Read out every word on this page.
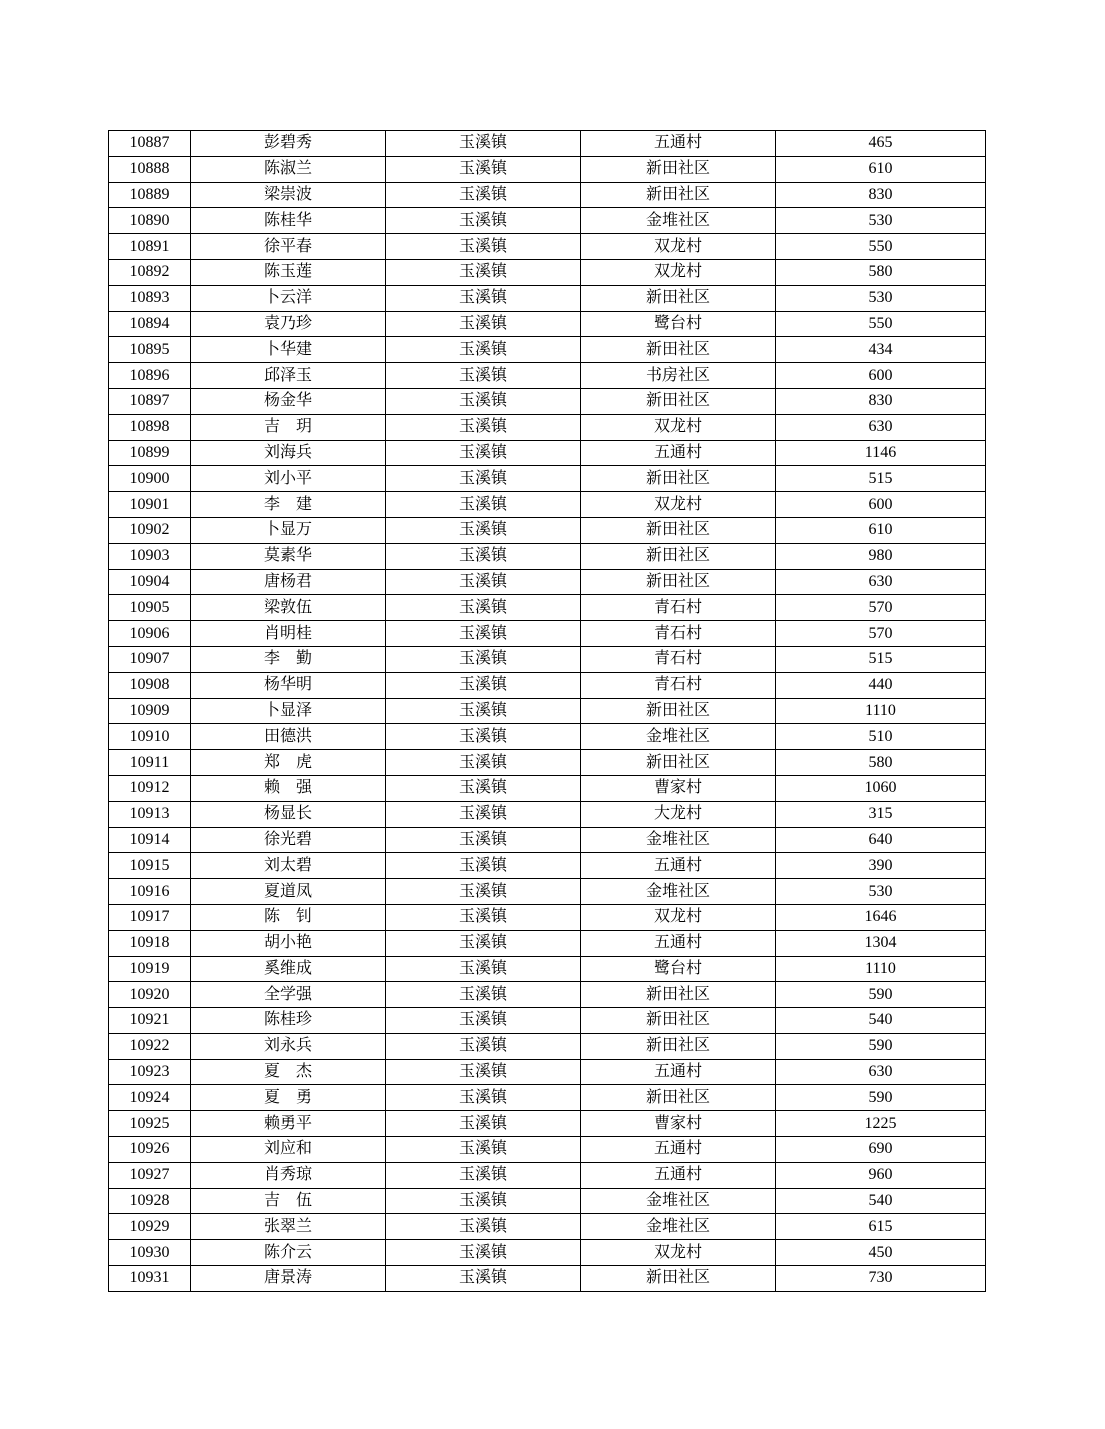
10887	彭碧秀	玉溪镇	五通村	465
10888	陈淑兰	玉溪镇	新田社区	610
10889	梁崇波	玉溪镇	新田社区	830
10890	陈桂华	玉溪镇	金堆社区	530
10891	徐平春	玉溪镇	双龙村	550
10892	陈玉莲	玉溪镇	双龙村	580
10893	卜云洋	玉溪镇	新田社区	530
10894	袁乃珍	玉溪镇	鹭台村	550
10895	卜华建	玉溪镇	新田社区	434
10896	邱泽玉	玉溪镇	书房社区	600
10897	杨金华	玉溪镇	新田社区	830
10898	吉　玥	玉溪镇	双龙村	630
10899	刘海兵	玉溪镇	五通村	1146
10900	刘小平	玉溪镇	新田社区	515
10901	李　建	玉溪镇	双龙村	600
10902	卜显万	玉溪镇	新田社区	610
10903	莫素华	玉溪镇	新田社区	980
10904	唐杨君	玉溪镇	新田社区	630
10905	梁敦伍	玉溪镇	青石村	570
10906	肖明桂	玉溪镇	青石村	570
10907	李　勤	玉溪镇	青石村	515
10908	杨华明	玉溪镇	青石村	440
10909	卜显泽	玉溪镇	新田社区	1110
10910	田德洪	玉溪镇	金堆社区	510
10911	郑　虎	玉溪镇	新田社区	580
10912	赖　强	玉溪镇	曹家村	1060
10913	杨显长	玉溪镇	大龙村	315
10914	徐光碧	玉溪镇	金堆社区	640
10915	刘太碧	玉溪镇	五通村	390
10916	夏道凤	玉溪镇	金堆社区	530
10917	陈　钊	玉溪镇	双龙村	1646
10918	胡小艳	玉溪镇	五通村	1304
10919	奚维成	玉溪镇	鹭台村	1110
10920	全学强	玉溪镇	新田社区	590
10921	陈桂珍	玉溪镇	新田社区	540
10922	刘永兵	玉溪镇	新田社区	590
10923	夏　杰	玉溪镇	五通村	630
10924	夏　勇	玉溪镇	新田社区	590
10925	赖勇平	玉溪镇	曹家村	1225
10926	刘应和	玉溪镇	五通村	690
10927	肖秀琼	玉溪镇	五通村	960
10928	吉　伍	玉溪镇	金堆社区	540
10929	张翠兰	玉溪镇	金堆社区	615
10930	陈介云	玉溪镇	双龙村	450
10931	唐景涛	玉溪镇	新田社区	730
